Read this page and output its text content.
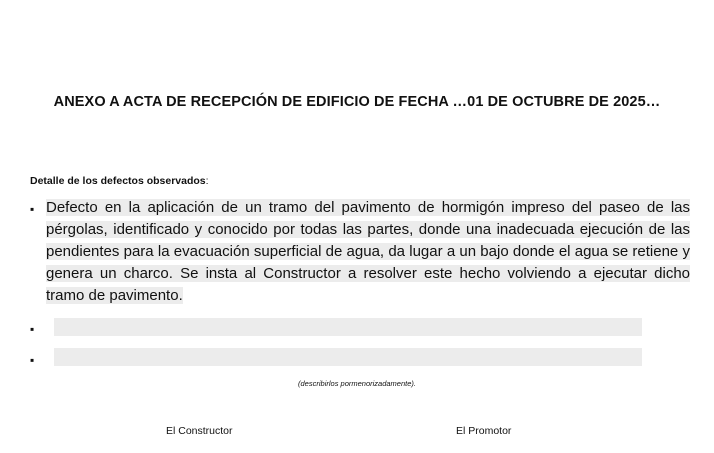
ANEXO A ACTA DE RECEPCIÓN DE EDIFICIO DE FECHA …01 DE OCTUBRE DE 2025…
Detalle de los defectos observados:
▪ Defecto en la aplicación de un tramo del pavimento de hormigón impreso del paseo de las pérgolas, identificado y conocido por todas las partes, donde una inadecuada ejecución de las pendientes para la evacuación superficial de agua, da lugar a un bajo donde el agua se retiene y genera un charco. Se insta al Constructor a resolver este hecho volviendo a ejecutar dicho tramo de pavimento.
▪
▪
(describirlos pormenorizadamente).
El Constructor	El Promotor
